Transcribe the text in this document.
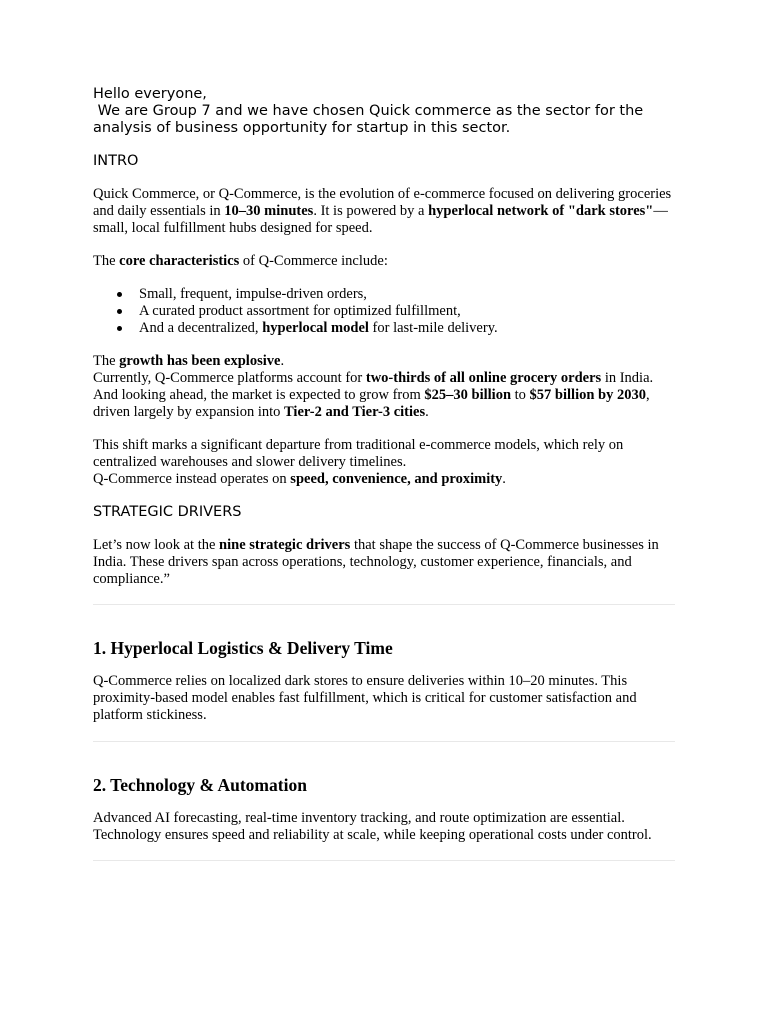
Hello everyone,

We are Group 7 and we have chosen Quick commerce as the sector for the analysis of business opportunity for startup in this sector.

INTRO

Quick Commerce, or Q-Commerce, is the evolution of e-commerce focused on delivering groceries and daily essentials in 10–30 minutes. It is powered by a hyperlocal network of "dark stores"—small, local fulfillment hubs designed for speed.

The core characteristics of Q-Commerce include:

Small, frequent, impulse-driven orders,
A curated product assortment for optimized fulfillment,
And a decentralized, hyperlocal model for last-mile delivery.

The growth has been explosive.

Currently, Q-Commerce platforms account for two-thirds of all online grocery orders in India.

And looking ahead, the market is expected to grow from $25–30 billion to $57 billion by 2030, driven largely by expansion into Tier-2 and Tier-3 cities.

This shift marks a significant departure from traditional e-commerce models, which rely on centralized warehouses and slower delivery timelines.

Q-Commerce instead operates on speed, convenience, and proximity.

STRATEGIC DRIVERS

Let’s now look at the nine strategic drivers that shape the success of Q-Commerce businesses in India. These drivers span across operations, technology, customer experience, financials, and compliance.”

1. Hyperlocal Logistics & Delivery Time

Q-Commerce relies on localized dark stores to ensure deliveries within 10–20 minutes. This proximity-based model enables fast fulfillment, which is critical for customer satisfaction and platform stickiness.

2. Technology & Automation

Advanced AI forecasting, real-time inventory tracking, and route optimization are essential. Technology ensures speed and reliability at scale, while keeping operational costs under control.
